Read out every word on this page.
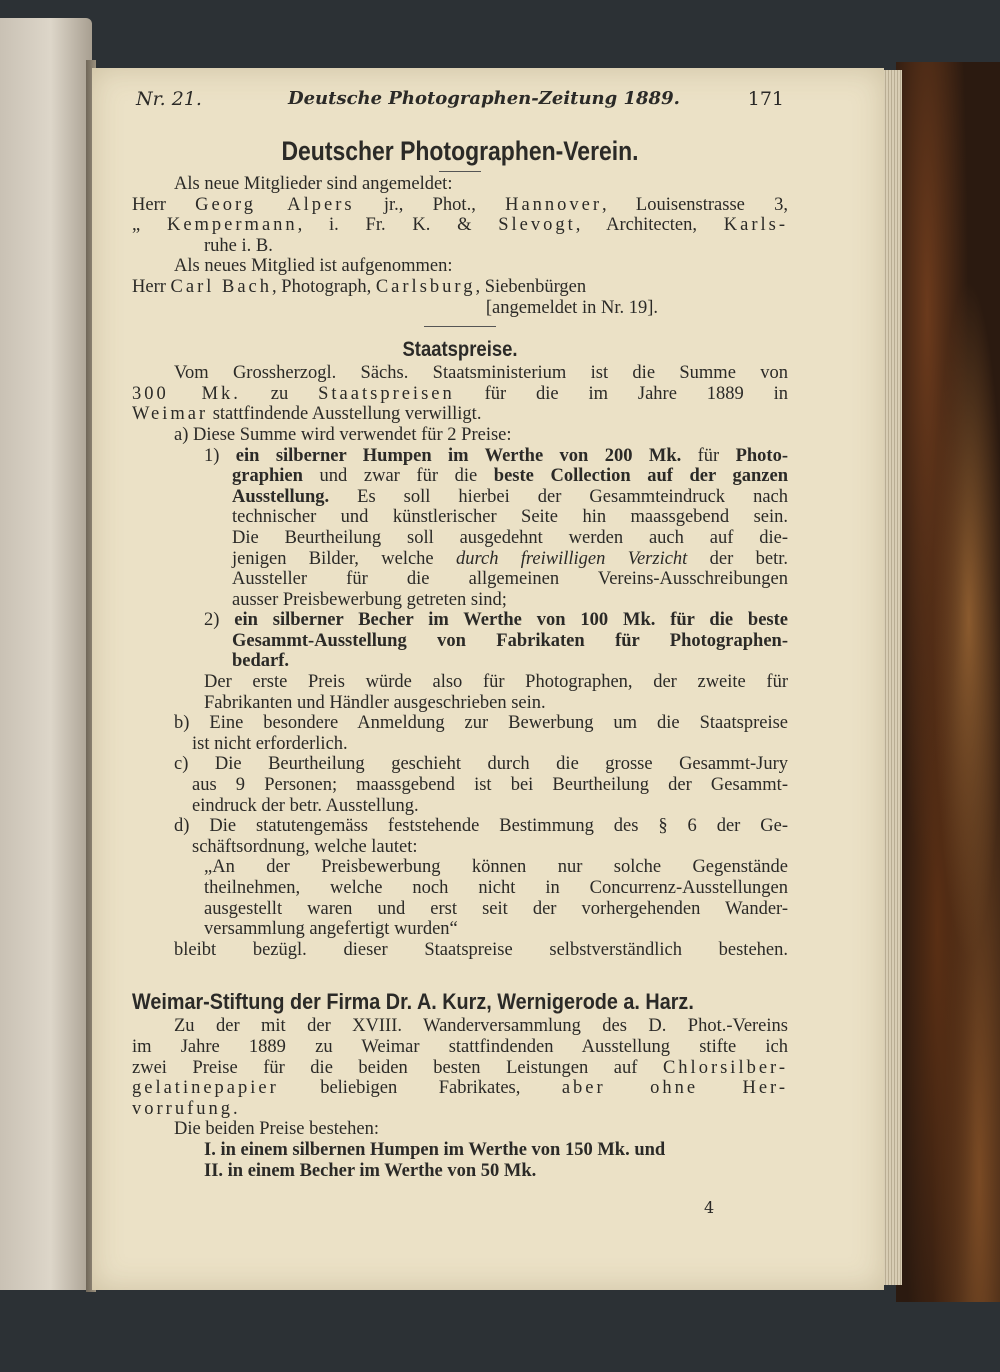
Nr. 21.	Deutsche Photographen-Zeitung 1889.	171
Deutscher Photographen-Verein.

Als neue Mitglieder sind angemeldet:

Herr Georg Alpers jr., Phot., Hannover, Louisenstrasse 3,

„ Kempermann, i. Fr. K. & Slevogt, Architecten, Karls-

ruhe i. B.

Als neues Mitglied ist aufgenommen:

Herr Carl Bach, Photograph, Carlsburg, Siebenbürgen

[angemeldet in Nr. 19].

Staatspreise.

Vom Grossherzogl. Sächs. Staatsministerium ist die Summe von

300 Mk. zu Staatspreisen für die im Jahre 1889 in

Weimar stattfindende Ausstellung verwilligt.

a) Diese Summe wird verwendet für 2 Preise:

1) ein silberner Humpen im Werthe von 200 Mk. für Photo-

graphien und zwar für die beste Collection auf der ganzen

Ausstellung. Es soll hierbei der Gesammteindruck nach

technischer und künstlerischer Seite hin maassgebend sein.

Die Beurtheilung soll ausgedehnt werden auch auf die-

jenigen Bilder, welche durch freiwilligen Verzicht der betr.

Aussteller für die allgemeinen Vereins-Ausschreibungen

ausser Preisbewerbung getreten sind;

2) ein silberner Becher im Werthe von 100 Mk. für die beste

Gesammt-Ausstellung von Fabrikaten für Photographen-

bedarf.

Der erste Preis würde also für Photographen, der zweite für

Fabrikanten und Händler ausgeschrieben sein.

b) Eine besondere Anmeldung zur Bewerbung um die Staatspreise

ist nicht erforderlich.

c) Die Beurtheilung geschieht durch die grosse Gesammt-Jury

aus 9 Personen; maassgebend ist bei Beurtheilung der Gesammt-

eindruck der betr. Ausstellung.

d) Die statutengemäss feststehende Bestimmung des § 6 der Ge-

schäftsordnung, welche lautet:

„An der Preisbewerbung können nur solche Gegenstände

theilnehmen, welche noch nicht in Concurrenz-Ausstellungen

ausgestellt waren und erst seit der vorhergehenden Wander-

versammlung angefertigt wurden“

bleibt bezügl. dieser Staatspreise selbstverständlich bestehen.

Weimar-Stiftung der Firma Dr. A. Kurz, Wernigerode a. Harz.

Zu der mit der XVIII. Wanderversammlung des D. Phot.-Vereins

im Jahre 1889 zu Weimar stattfindenden Ausstellung stifte ich

zwei Preise für die beiden besten Leistungen auf Chlorsilber-

gelatinepapier beliebigen Fabrikates, aber ohne Her-

vorrufung.

Die beiden Preise bestehen:

I. in einem silbernen Humpen im Werthe von 150 Mk. und

II. in einem Becher im Werthe von 50 Mk.

4
